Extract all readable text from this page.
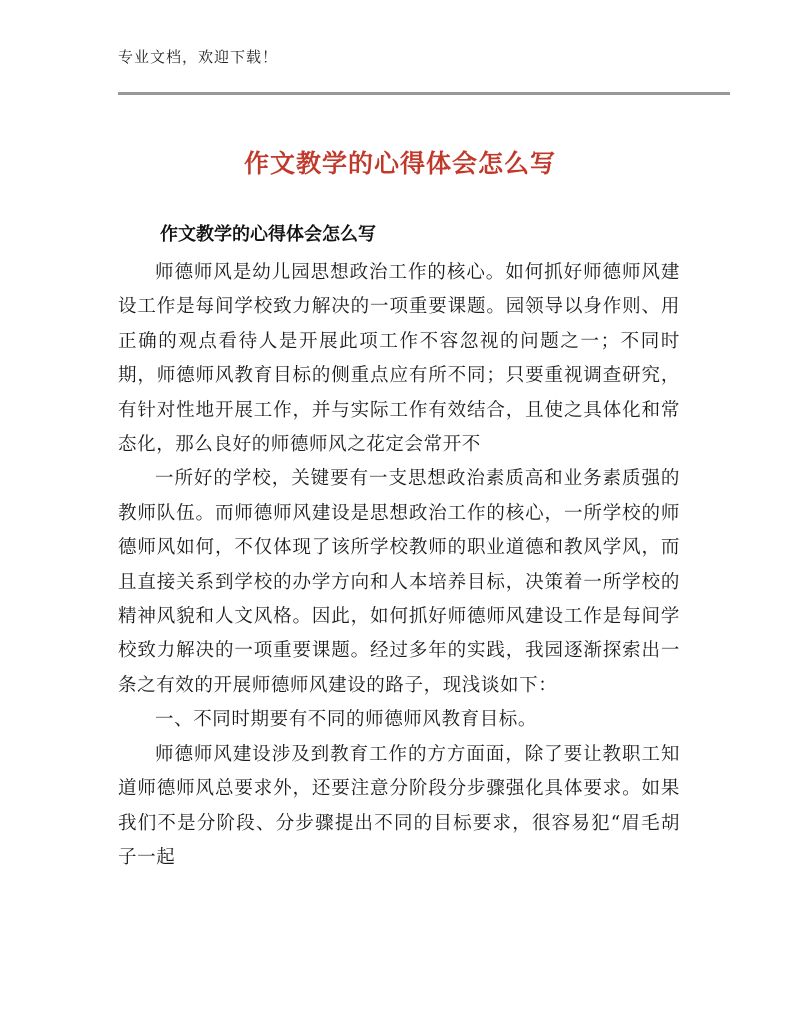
专业文档，欢迎下载！
作文教学的心得体会怎么写
作文教学的心得体会怎么写

师德师风是幼儿园思想政治工作的核心。如何抓好师德师风建设工作是每间学校致力解决的一项重要课题。园领导以身作则、用正确的观点看待人是开展此项工作不容忽视的问题之一；不同时期，师德师风教育目标的侧重点应有所不同；只要重视调查研究，有针对性地开展工作，并与实际工作有效结合，且使之具体化和常态化，那么良好的师德师风之花定会常开不

一所好的学校，关键要有一支思想政治素质高和业务素质强的教师队伍。而师德师风建设是思想政治工作的核心，一所学校的师德师风如何，不仅体现了该所学校教师的职业道德和教风学风，而且直接关系到学校的办学方向和人本培养目标，决策着一所学校的精神风貌和人文风格。因此，如何抓好师德师风建设工作是每间学校致力解决的一项重要课题。经过多年的实践，我园逐渐探索出一条之有效的开展师德师风建设的路子，现浅谈如下：

一、不同时期要有不同的师德师风教育目标。

师德师风建设涉及到教育工作的方方面面，除了要让教职工知道师德师风总要求外，还要注意分阶段分步骤强化具体要求。如果我们不是分阶段、分步骤提出不同的目标要求，很容易犯“眉毛胡子一起
